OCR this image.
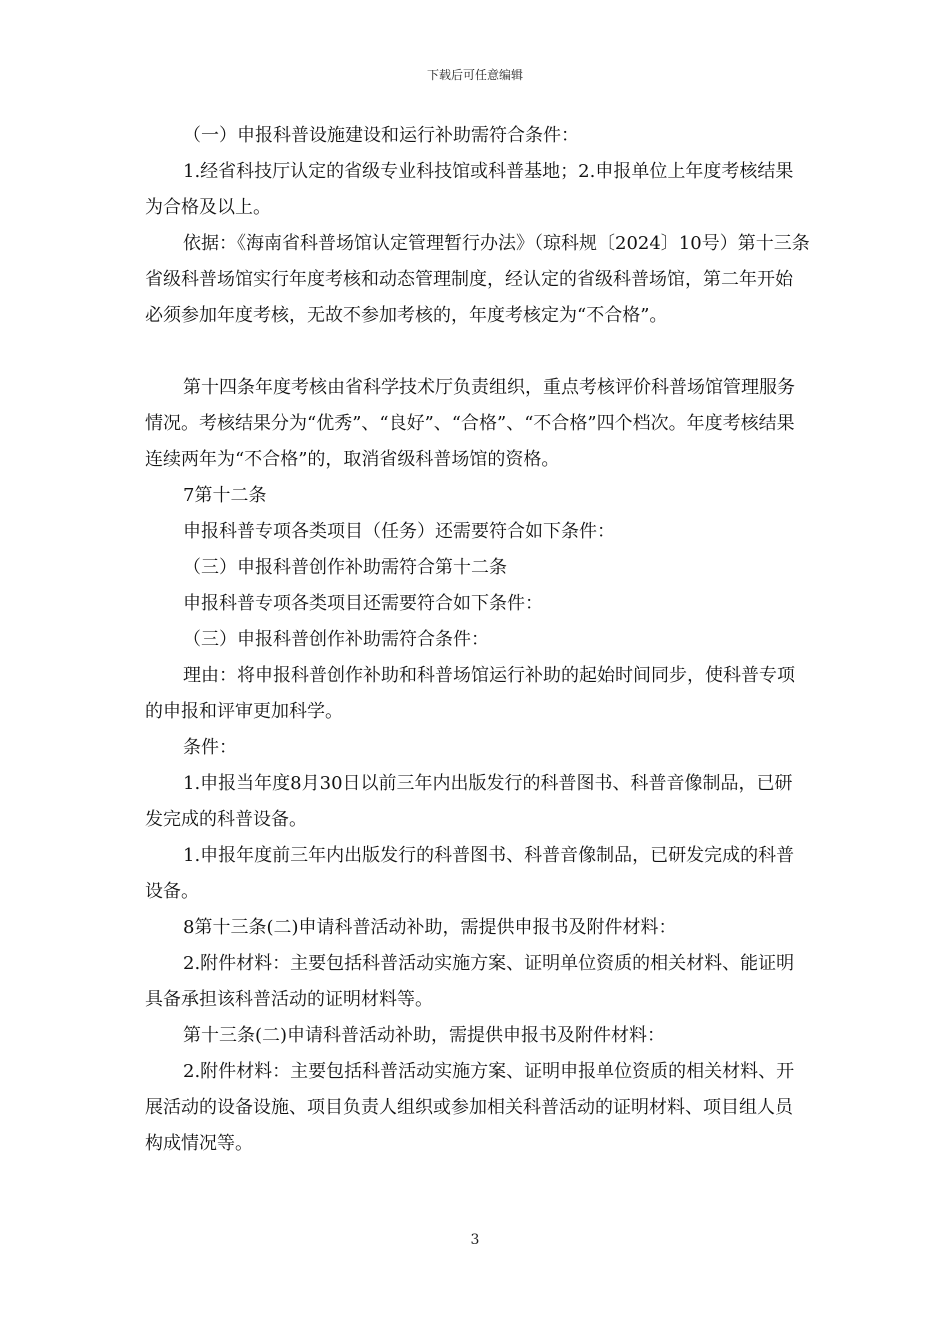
下载后可任意编辑

（一）申报科普设施建设和运行补助需符合条件：

1.经省科技厅认定的省级专业科技馆或科普基地；2.申报单位上年度考核结果为合格及以上。

依据：《海南省科普场馆认定管理暂行办法》（琼科规〔2024〕10号）第十三条省级科普场馆实行年度考核和动态管理制度，经认定的省级科普场馆，第二年开始必须参加年度考核，无故不参加考核的，年度考核定为“不合格”。

第十四条年度考核由省科学技术厅负责组织，重点考核评价科普场馆管理服务情况。考核结果分为“优秀”、“良好”、“合格”、“不合格”四个档次。年度考核结果连续两年为“不合格”的，取消省级科普场馆的资格。

7第十二条

申报科普专项各类项目（任务）还需要符合如下条件：

（三）申报科普创作补助需符合第十二条

申报科普专项各类项目还需要符合如下条件：

（三）申报科普创作补助需符合条件：

理由：将申报科普创作补助和科普场馆运行补助的起始时间同步，使科普专项的申报和评审更加科学。

条件：

1.申报当年度8月30日以前三年内出版发行的科普图书、科普音像制品，已研发完成的科普设备。

1.申报年度前三年内出版发行的科普图书、科普音像制品，已研发完成的科普设备。

8第十三条(二)申请科普活动补助，需提供申报书及附件材料：

2.附件材料：主要包括科普活动实施方案、证明单位资质的相关材料、能证明具备承担该科普活动的证明材料等。

第十三条(二)申请科普活动补助，需提供申报书及附件材料：

2.附件材料：主要包括科普活动实施方案、证明申报单位资质的相关材料、开展活动的设备设施、项目负责人组织或参加相关科普活动的证明材料、项目组人员构成情况等。

3
